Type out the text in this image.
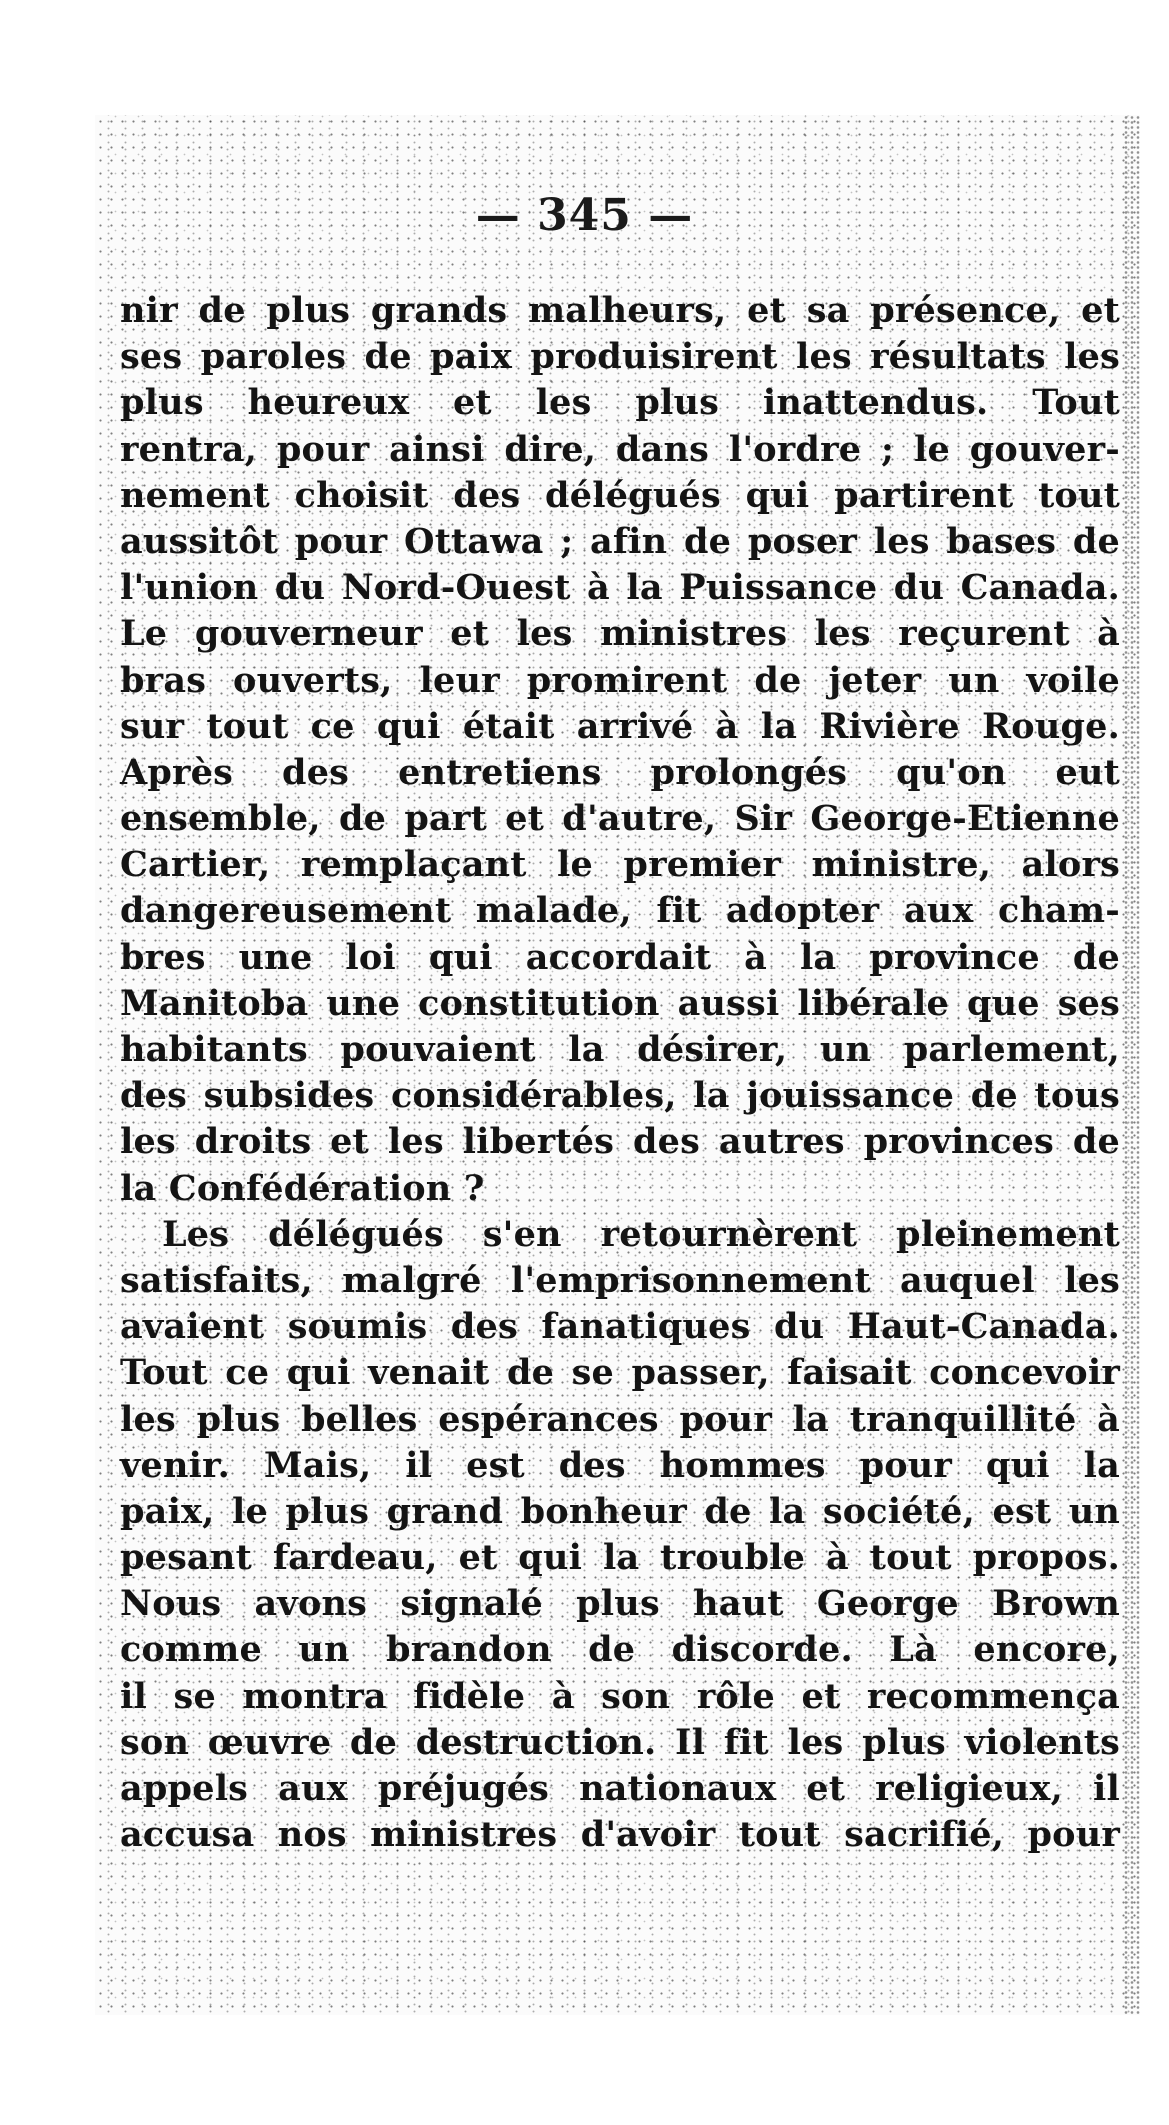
— 345 —
nir de plus grands malheurs, et sa présence, et
ses paroles de paix produisirent les résultats les
plus heureux et les plus inattendus. Tout
rentra, pour ainsi dire, dans l'ordre ; le gouver-
nement choisit des délégués qui partirent tout
aussitôt pour Ottawa ; afin de poser les bases de
l'union du Nord-Ouest à la Puissance du Canada.
Le gouverneur et les ministres les reçurent à
bras ouverts, leur promirent de jeter un voile
sur tout ce qui était arrivé à la Rivière Rouge.
Après des entretiens prolongés qu'on eut
ensemble, de part et d'autre, Sir George-Etienne
Cartier, remplaçant le premier ministre, alors
dangereusement malade, fit adopter aux cham-
bres une loi qui accordait à la province de
Manitoba une constitution aussi libérale que ses
habitants pouvaient la désirer, un parlement,
des subsides considérables, la jouissance de tous
les droits et les libertés des autres provinces de
la Confédération ?
Les délégués s'en retournèrent pleinement
satisfaits, malgré l'emprisonnement auquel les
avaient soumis des fanatiques du Haut-Canada.
Tout ce qui venait de se passer, faisait concevoir
les plus belles espérances pour la tranquillité à
venir. Mais, il est des hommes pour qui la
paix, le plus grand bonheur de la société, est un
pesant fardeau, et qui la trouble à tout propos.
Nous avons signalé plus haut George Brown
comme un brandon de discorde. Là encore,
il se montra fidèle à son rôle et recommença
son œuvre de destruction. Il fit les plus violents
appels aux préjugés nationaux et religieux, il
accusa nos ministres d'avoir tout sacrifié, pour
